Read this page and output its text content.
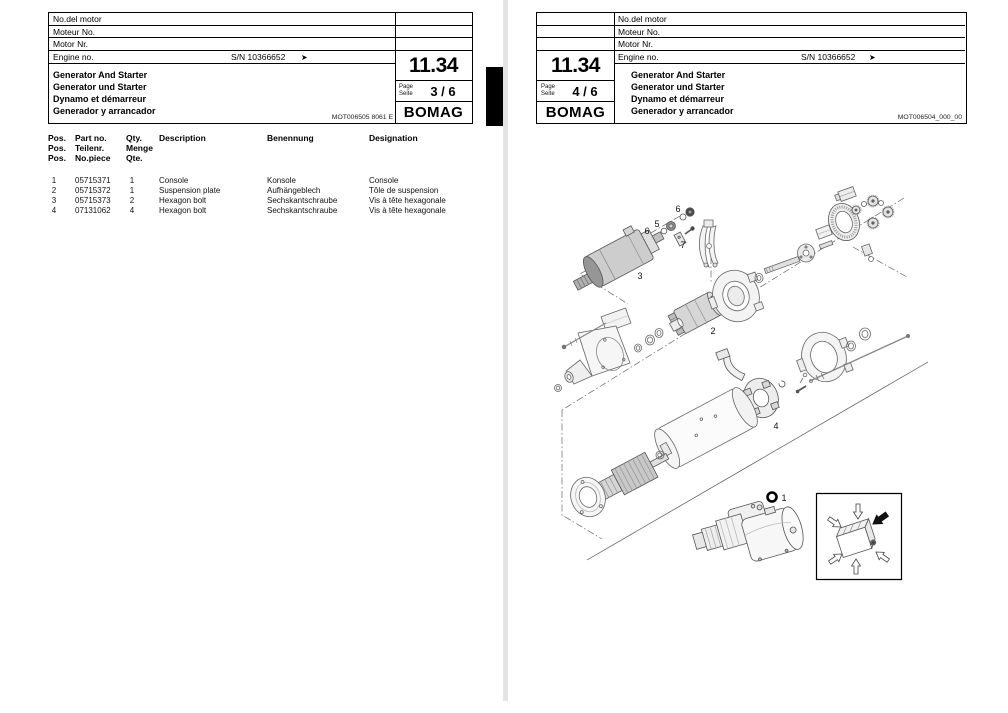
No.del motor
Moteur No.
Motor Nr.
Engine no.	S/N 10366652 ➤
Generator And Starter
Generator und Starter
Dynamo et démarreur
Generador y arrancador
MOT006505 8061 E
11.34
Page
Seite	3 / 6
BOMAG
Pos.
Pos.
Pos.
Part no.
Teilenr.
No.piece
Qty.
Menge
Qte.
Description	Benennung	Designation
1	05715371	1	Console	Konsole	Console
2	05715372	1	Suspension plate	Aufhängeblech	Tôle de suspension
3	05715373	2	Hexagon bolt	Sechskantschraube	Vis à tête hexagonale
4	07131062	4	Hexagon bolt	Sechskantschraube	Vis à tête hexagonale
11.34
Page
Seite	4 / 6
BOMAG
No.del motor
Moteur No.
Motor Nr.
Engine no.	S/N 10366652 ➤
Generator And Starter
Generator und Starter
Dynamo et démarreur
Generador y arrancador
MOT006504_000_00
6
5
6
7
3
2
4
1
